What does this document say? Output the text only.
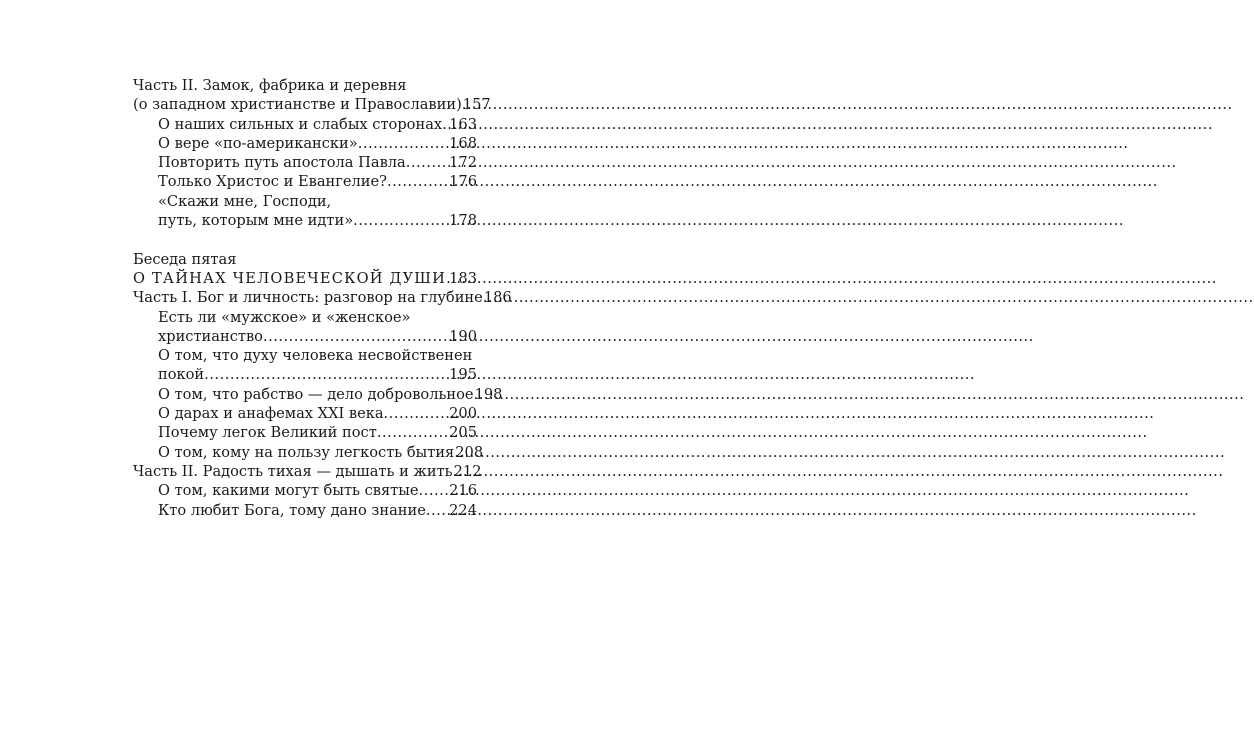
Часть II. Замок, фабрика и деревня
(о западном христианстве и Православии) 157
О наших сильных и слабых сторонах ..... 163
О вере «по-американски» .....	168
Повторить путь апостола Павла .....	172
Только Христос и Евангелие? .....	176
«Скажи мне, Господи,
путь, которым мне идти» .....	178
Беседа пятая
О ТАЙНАХ ЧЕЛОВЕЧЕСКОЙ ДУШИ ..... 183
Часть I. Бог и личность: разговор на глубине 186
Есть ли «мужское» и «женское»
христианство .....	190
О том, что духу человека несвойственен
покой .....	195
О том, что рабство — дело добровольное 198
О дарах и анафемах XXI века .....	200
Почему легок Великий пост .....	205
О том, кому на пользу легкость бытия 208
Часть II. Радость тихая — дышать и жить 212
О том, какими могут быть святые ..... 216
Кто любит Бога, тому дано знание ..... 224
